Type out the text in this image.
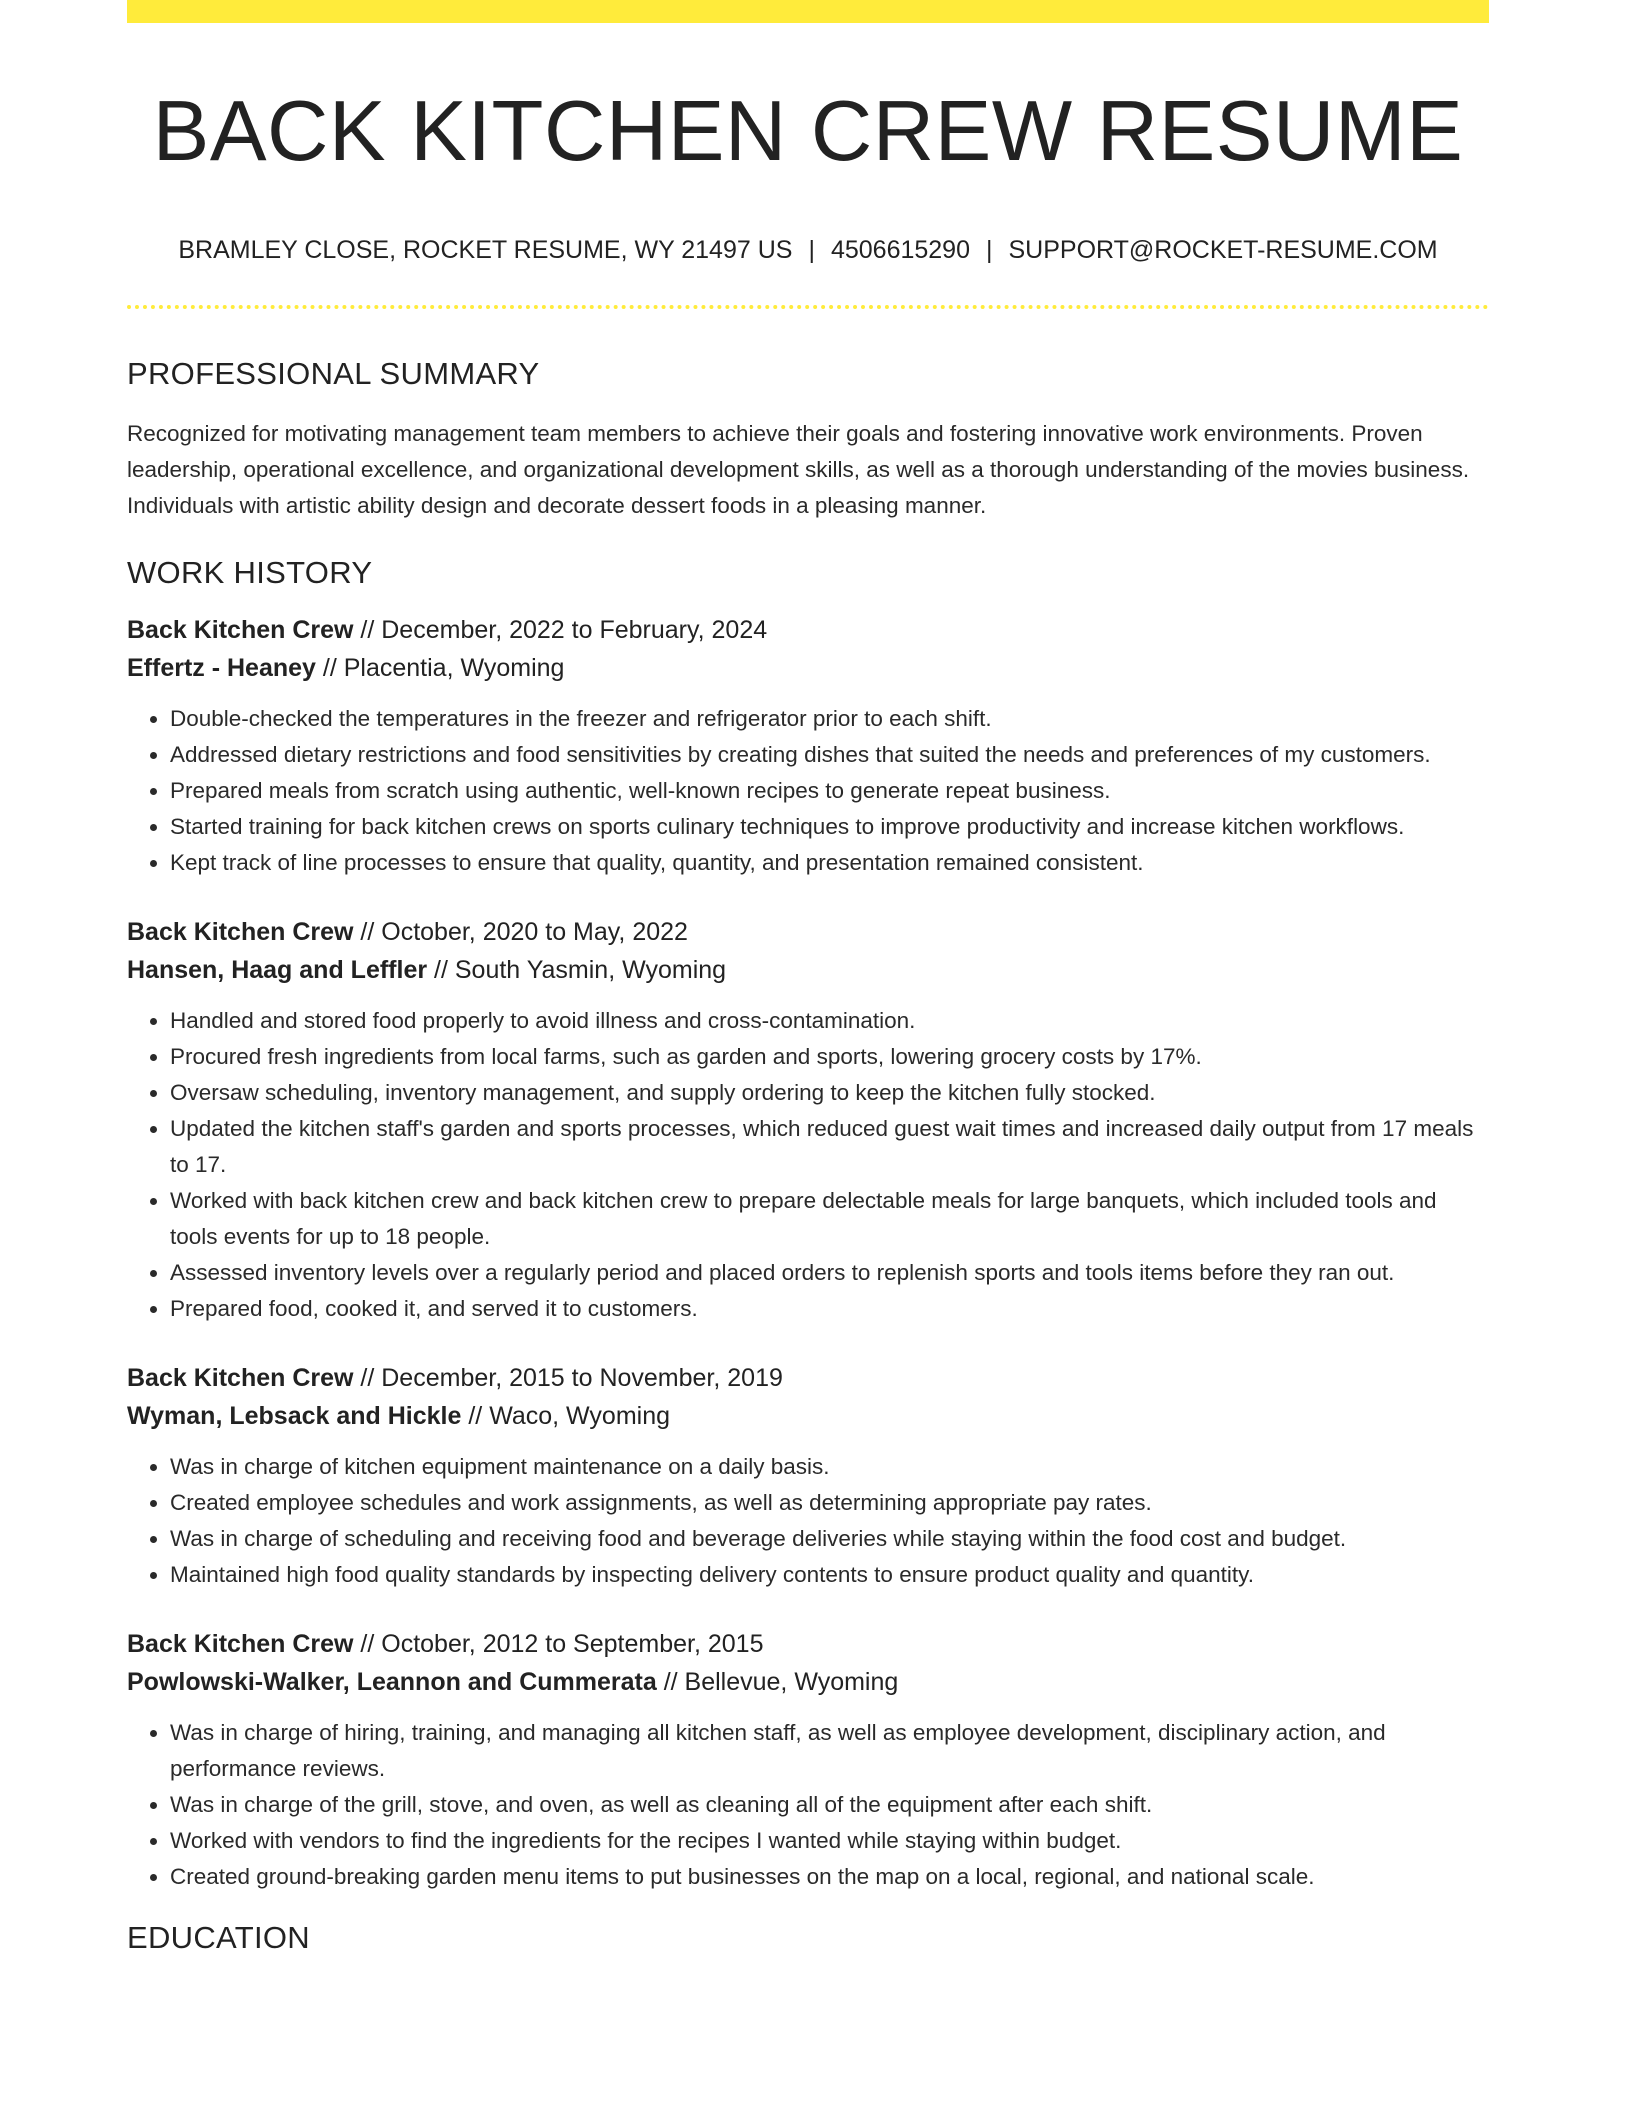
BACK KITCHEN CREW RESUME
BRAMLEY CLOSE, ROCKET RESUME, WY 21497 US | 4506615290 | SUPPORT@ROCKET-RESUME.COM
PROFESSIONAL SUMMARY

Recognized for motivating management team members to achieve their goals and fostering innovative work environments. Proven leadership, operational excellence, and organizational development skills, as well as a thorough understanding of the movies business. Individuals with artistic ability design and decorate dessert foods in a pleasing manner.

WORK HISTORY
Back Kitchen Crew // December, 2022 to February, 2024
Effertz - Heaney // Placentia, Wyoming
• Double-checked the temperatures in the freezer and refrigerator prior to each shift.
• Addressed dietary restrictions and food sensitivities by creating dishes that suited the needs and preferences of my customers.
• Prepared meals from scratch using authentic, well-known recipes to generate repeat business.
• Started training for back kitchen crews on sports culinary techniques to improve productivity and increase kitchen workflows.
• Kept track of line processes to ensure that quality, quantity, and presentation remained consistent.
Back Kitchen Crew // October, 2020 to May, 2022
Hansen, Haag and Leffler // South Yasmin, Wyoming
• Handled and stored food properly to avoid illness and cross-contamination.
• Procured fresh ingredients from local farms, such as garden and sports, lowering grocery costs by 17%.
• Oversaw scheduling, inventory management, and supply ordering to keep the kitchen fully stocked.
• Updated the kitchen staff's garden and sports processes, which reduced guest wait times and increased daily output from 17 meals to 17.
• Worked with back kitchen crew and back kitchen crew to prepare delectable meals for large banquets, which included tools and tools events for up to 18 people.
• Assessed inventory levels over a regularly period and placed orders to replenish sports and tools items before they ran out.
• Prepared food, cooked it, and served it to customers.
Back Kitchen Crew // December, 2015 to November, 2019
Wyman, Lebsack and Hickle // Waco, Wyoming
• Was in charge of kitchen equipment maintenance on a daily basis.
• Created employee schedules and work assignments, as well as determining appropriate pay rates.
• Was in charge of scheduling and receiving food and beverage deliveries while staying within the food cost and budget.
• Maintained high food quality standards by inspecting delivery contents to ensure product quality and quantity.
Back Kitchen Crew // October, 2012 to September, 2015
Powlowski-Walker, Leannon and Cummerata // Bellevue, Wyoming
• Was in charge of hiring, training, and managing all kitchen staff, as well as employee development, disciplinary action, and performance reviews.
• Was in charge of the grill, stove, and oven, as well as cleaning all of the equipment after each shift.
• Worked with vendors to find the ingredients for the recipes I wanted while staying within budget.
• Created ground-breaking garden menu items to put businesses on the map on a local, regional, and national scale.
EDUCATION
